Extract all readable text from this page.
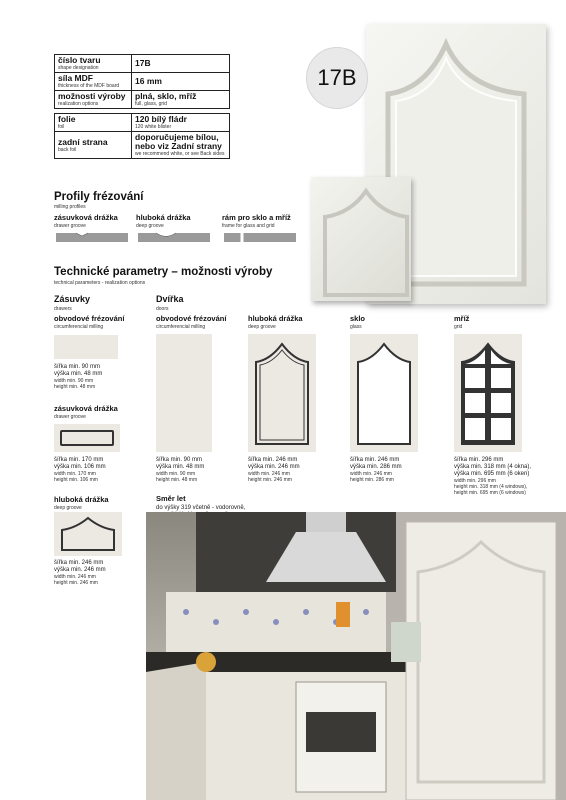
číslo tvaru
shape designation	17B

síla MDF
thickness of the MDF board	16 mm

možnosti výroby
realization options	plná, sklo, mříž
full, glass, grid

folie
foil	120 bílý fládr
120 white blister

zadní strana
back foil	doporučujeme bílou, nebo viz Zadní strany
we recommend white, or see Back sides
17B
Profily frézování
milling profiles
zásuvková drážka
drawer groove
hluboká drážka
deep groove
rám pro sklo a mříž
frame for glass and grid
Technické parametry – možnosti výroby
technical parameters - realization options
Zásuvky
drawers
obvodové frézování
circumferencial milling
šířka min. 90 mm
výška min. 48 mm
width min. 90 mm
height min. 48 mm
zásuvková drážka
drawer groove
šířka min. 170 mm
výška min. 106 mm
width min. 170 mm
height min. 106 mm
hluboká drážka
deep groove
šířka min. 246 mm
výška min. 246 mm
width min. 246 mm
height min. 246 mm
Dvířka
doors
obvodové frézování
circumferencial milling
šířka min. 90 mm
výška min. 48 mm
width min. 90 mm
height min. 48 mm
hluboká drážka
deep groove
šířka min. 246 mm
výška min. 246 mm
width min. 246 mm
height min. 246 mm
sklo
glass
šířka min. 246 mm
výška min. 286 mm
width min. 246 mm
height min. 286 mm
mříž
grid
šířka min. 296 mm
výška min. 318 mm (4 okna),
výška min. 695 mm (6 oken)
width min. 296 mm
height min. 318 mm (4 windows),
height min. 695 mm (6 windows)
Směr let
do výšky 319 včetně - vodorovně,
